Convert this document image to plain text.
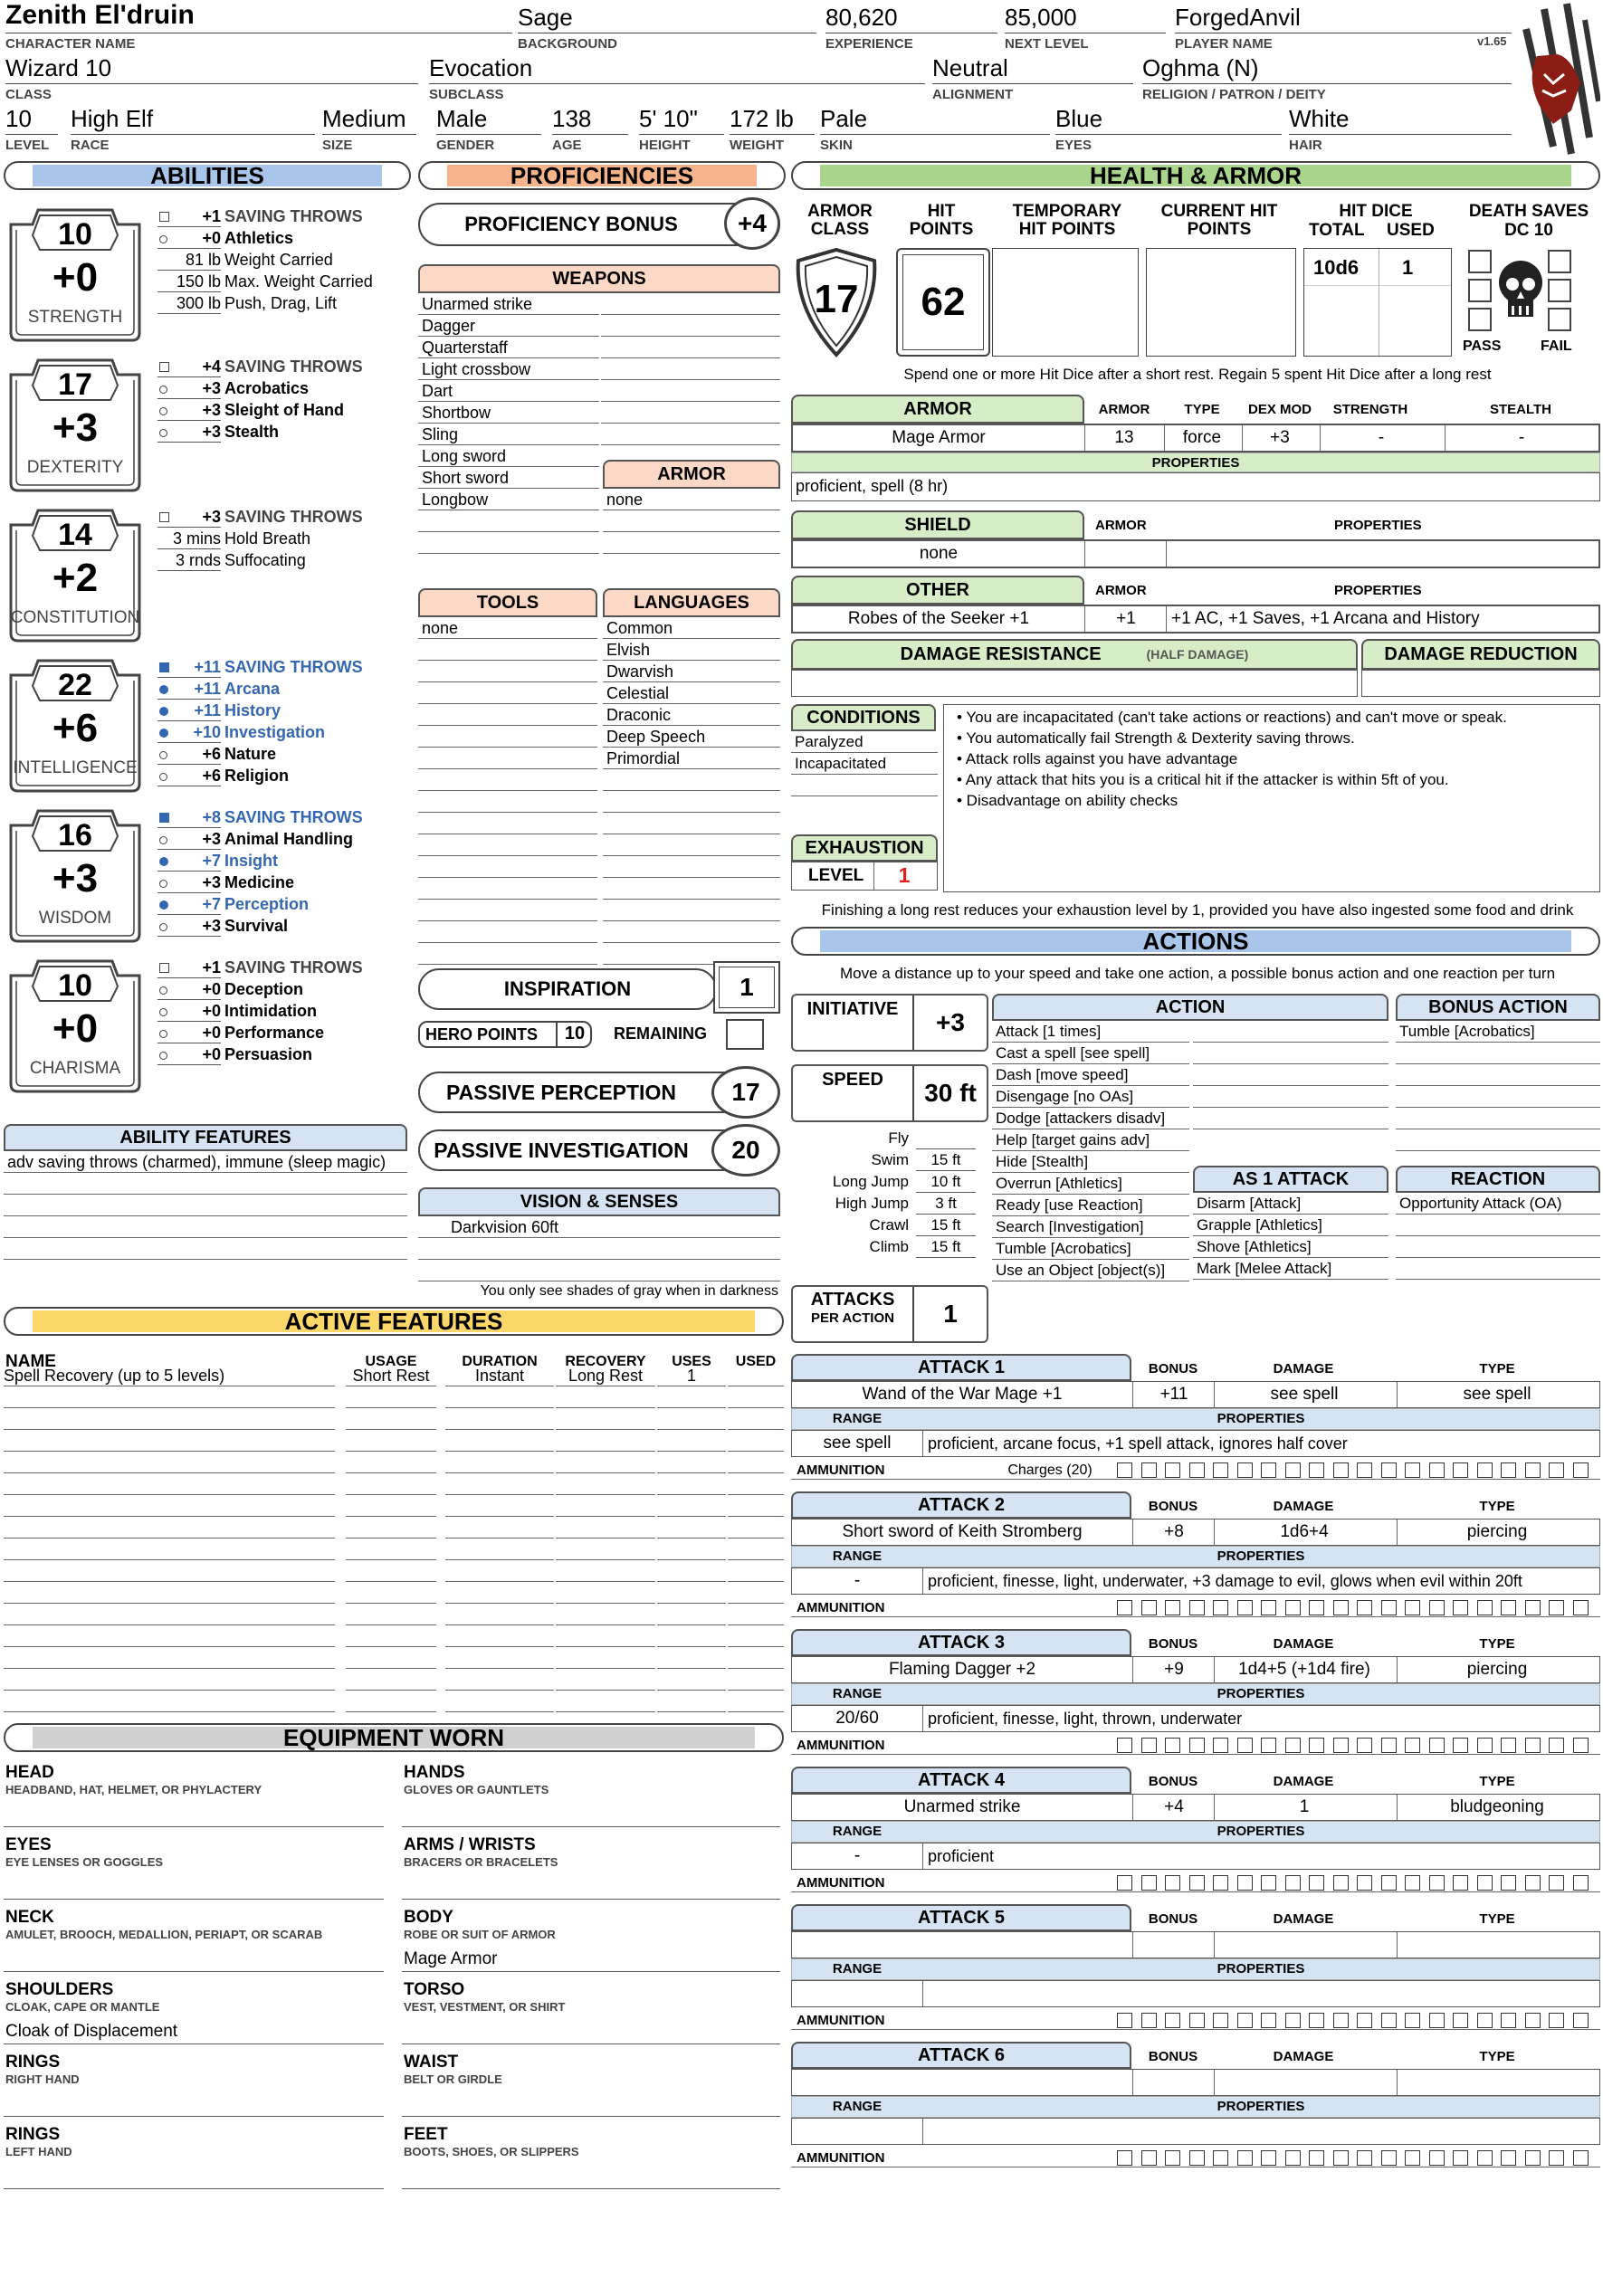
Zenith El'druin
CHARACTER NAME
Sage
BACKGROUND
80,620
EXPERIENCE
85,000
NEXT LEVEL
ForgedAnvil
PLAYER NAME	v1.65
Wizard 10
CLASS
Evocation
SUBCLASS
Neutral
ALIGNMENT
Oghma (N)
RELIGION / PATRON / DEITY
10
LEVEL
High Elf
RACE
Medium
SIZE
Male
GENDER
138
AGE
5' 10"
HEIGHT
172 lb
WEIGHT
Pale
SKIN
Blue
EYES
White
HAIR
ABILITIES	PROFICIENCIES	HEALTH & ARMOR
10
+0
STRENGTH
+1 SAVING THROWS
+0 Athletics
81 lb Weight Carried
150 lb Max. Weight Carried
300 lb Push, Drag, Lift
17
+3
DEXTERITY
+4 SAVING THROWS
+3 Acrobatics
+3 Sleight of Hand
+3 Stealth
14
+2
CONSTITUTION
+3 SAVING THROWS
3 mins Hold Breath
3 rnds Suffocating
22
+6
INTELLIGENCE
+11 SAVING THROWS
+11 Arcana
+11 History
+10 Investigation
+6 Nature
+6 Religion
16
+3
WISDOM
+8 SAVING THROWS
+3 Animal Handling
+7 Insight
+3 Medicine
+7 Perception
+3 Survival
10
+0
CHARISMA
+1 SAVING THROWS
+0 Deception
+0 Intimidation
+0 Performance
+0 Persuasion
ABILITY FEATURES
adv saving throws (charmed), immune (sleep magic)
PROFICIENCY BONUS	+4
WEAPONS
Unarmed strike
Dagger
Quarterstaff
Light crossbow
Dart
Shortbow
Sling
Long sword
Short sword
Longbow
ARMOR
none
TOOLS	LANGUAGES
none	Common
Elvish
Dwarvish
Celestial
Draconic
Deep Speech
Primordial
INSPIRATION	1
HERO POINTS	10	REMAINING
PASSIVE PERCEPTION	17
PASSIVE INVESTIGATION	20
VISION & SENSES
Darkvision 60ft
You only see shades of gray when in darkness
ARMOR CLASS
17
HIT POINTS
62
TEMPORARY HIT POINTS
CURRENT HIT POINTS
HIT DICE
TOTAL USED
10d6 1
DEATH SAVES
DC 10
PASS	FAIL
Spend one or more Hit Dice after a short rest. Regain 5 spent Hit Dice after a long rest
ARMOR	ARMOR	TYPE	DEX MOD	STRENGTH	STEALTH
Mage Armor	13	force	+3	-	-
PROPERTIES
proficient, spell (8 hr)
SHIELD	ARMOR	PROPERTIES
none
OTHER	ARMOR	PROPERTIES
Robes of the Seeker +1	+1	+1 AC, +1 Saves, +1 Arcana and History
DAMAGE RESISTANCE	(HALF DAMAGE)	DAMAGE REDUCTION
CONDITIONS
Paralyzed
Incapacitated
• You are incapacitated (can't take actions or reactions) and can't move or speak.
• You automatically fail Strength & Dexterity saving throws.
• Attack rolls against you have advantage
• Any attack that hits you is a critical hit if the attacker is within 5ft of you.
• Disadvantage on ability checks
EXHAUSTION
LEVEL	1
Finishing a long rest reduces your exhaustion level by 1, provided you have also ingested some food and drink
ACTIONS
Move a distance up to your speed and take one action, a possible bonus action and one reaction per turn
INITIATIVE	+3
SPEED	30 ft
Fly
Swim	15 ft
Long Jump	10 ft
High Jump	3 ft
Crawl	15 ft
Climb	15 ft
ATTACKS
PER ACTION	1
ACTION
Attack [1 times]
Cast a spell [see spell]
Dash [move speed]
Disengage [no OAs]
Dodge [attackers disadv]
Help [target gains adv]
Hide [Stealth]
Overrun [Athletics]
Ready [use Reaction]
Search [Investigation]
Tumble [Acrobatics]
Use an Object [object(s)]
BONUS ACTION
Tumble [Acrobatics]
AS 1 ATTACK
Disarm [Attack]
Grapple [Athletics]
Shove [Athletics]
Mark [Melee Attack]
REACTION
Opportunity Attack (OA)
ATTACK 1	BONUS	DAMAGE	TYPE
Wand of the War Mage +1	+11	see spell	see spell
RANGE	PROPERTIES
see spell	proficient, arcane focus, +1 spell attack, ignores half cover
AMMUNITION	Charges (20)
ATTACK 2	BONUS	DAMAGE	TYPE
Short sword of Keith Stromberg	+8	1d6+4	piercing
RANGE	PROPERTIES
-	proficient, finesse, light, underwater, +3 damage to evil, glows when evil within 20ft
AMMUNITION
ATTACK 3	BONUS	DAMAGE	TYPE
Flaming Dagger +2	+9	1d4+5 (+1d4 fire)	piercing
RANGE	PROPERTIES
20/60	proficient, finesse, light, thrown, underwater
AMMUNITION
ATTACK 4	BONUS	DAMAGE	TYPE
Unarmed strike	+4	1	bludgeoning
RANGE	PROPERTIES
-	proficient
AMMUNITION
ATTACK 5	BONUS	DAMAGE	TYPE
RANGE	PROPERTIES
AMMUNITION
ATTACK 6	BONUS	DAMAGE	TYPE
RANGE	PROPERTIES
AMMUNITION
ACTIVE FEATURES
NAME	USAGE	DURATION	RECOVERY	USES	USED
Spell Recovery (up to 5 levels)	Short Rest	Instant	Long Rest	1
EQUIPMENT WORN
HEAD
HEADBAND, HAT, HELMET, OR PHYLACTERY
HANDS
GLOVES OR GAUNTLETS
EYES
EYE LENSES OR GOGGLES
ARMS / WRISTS
BRACERS OR BRACELETS
NECK
AMULET, BROOCH, MEDALLION, PERIAPT, OR SCARAB
BODY
ROBE OR SUIT OF ARMOR
Mage Armor
SHOULDERS
CLOAK, CAPE OR MANTLE
Cloak of Displacement
TORSO
VEST, VESTMENT, OR SHIRT
RINGS
RIGHT HAND
WAIST
BELT OR GIRDLE
RINGS
LEFT HAND
FEET
BOOTS, SHOES, OR SLIPPERS
